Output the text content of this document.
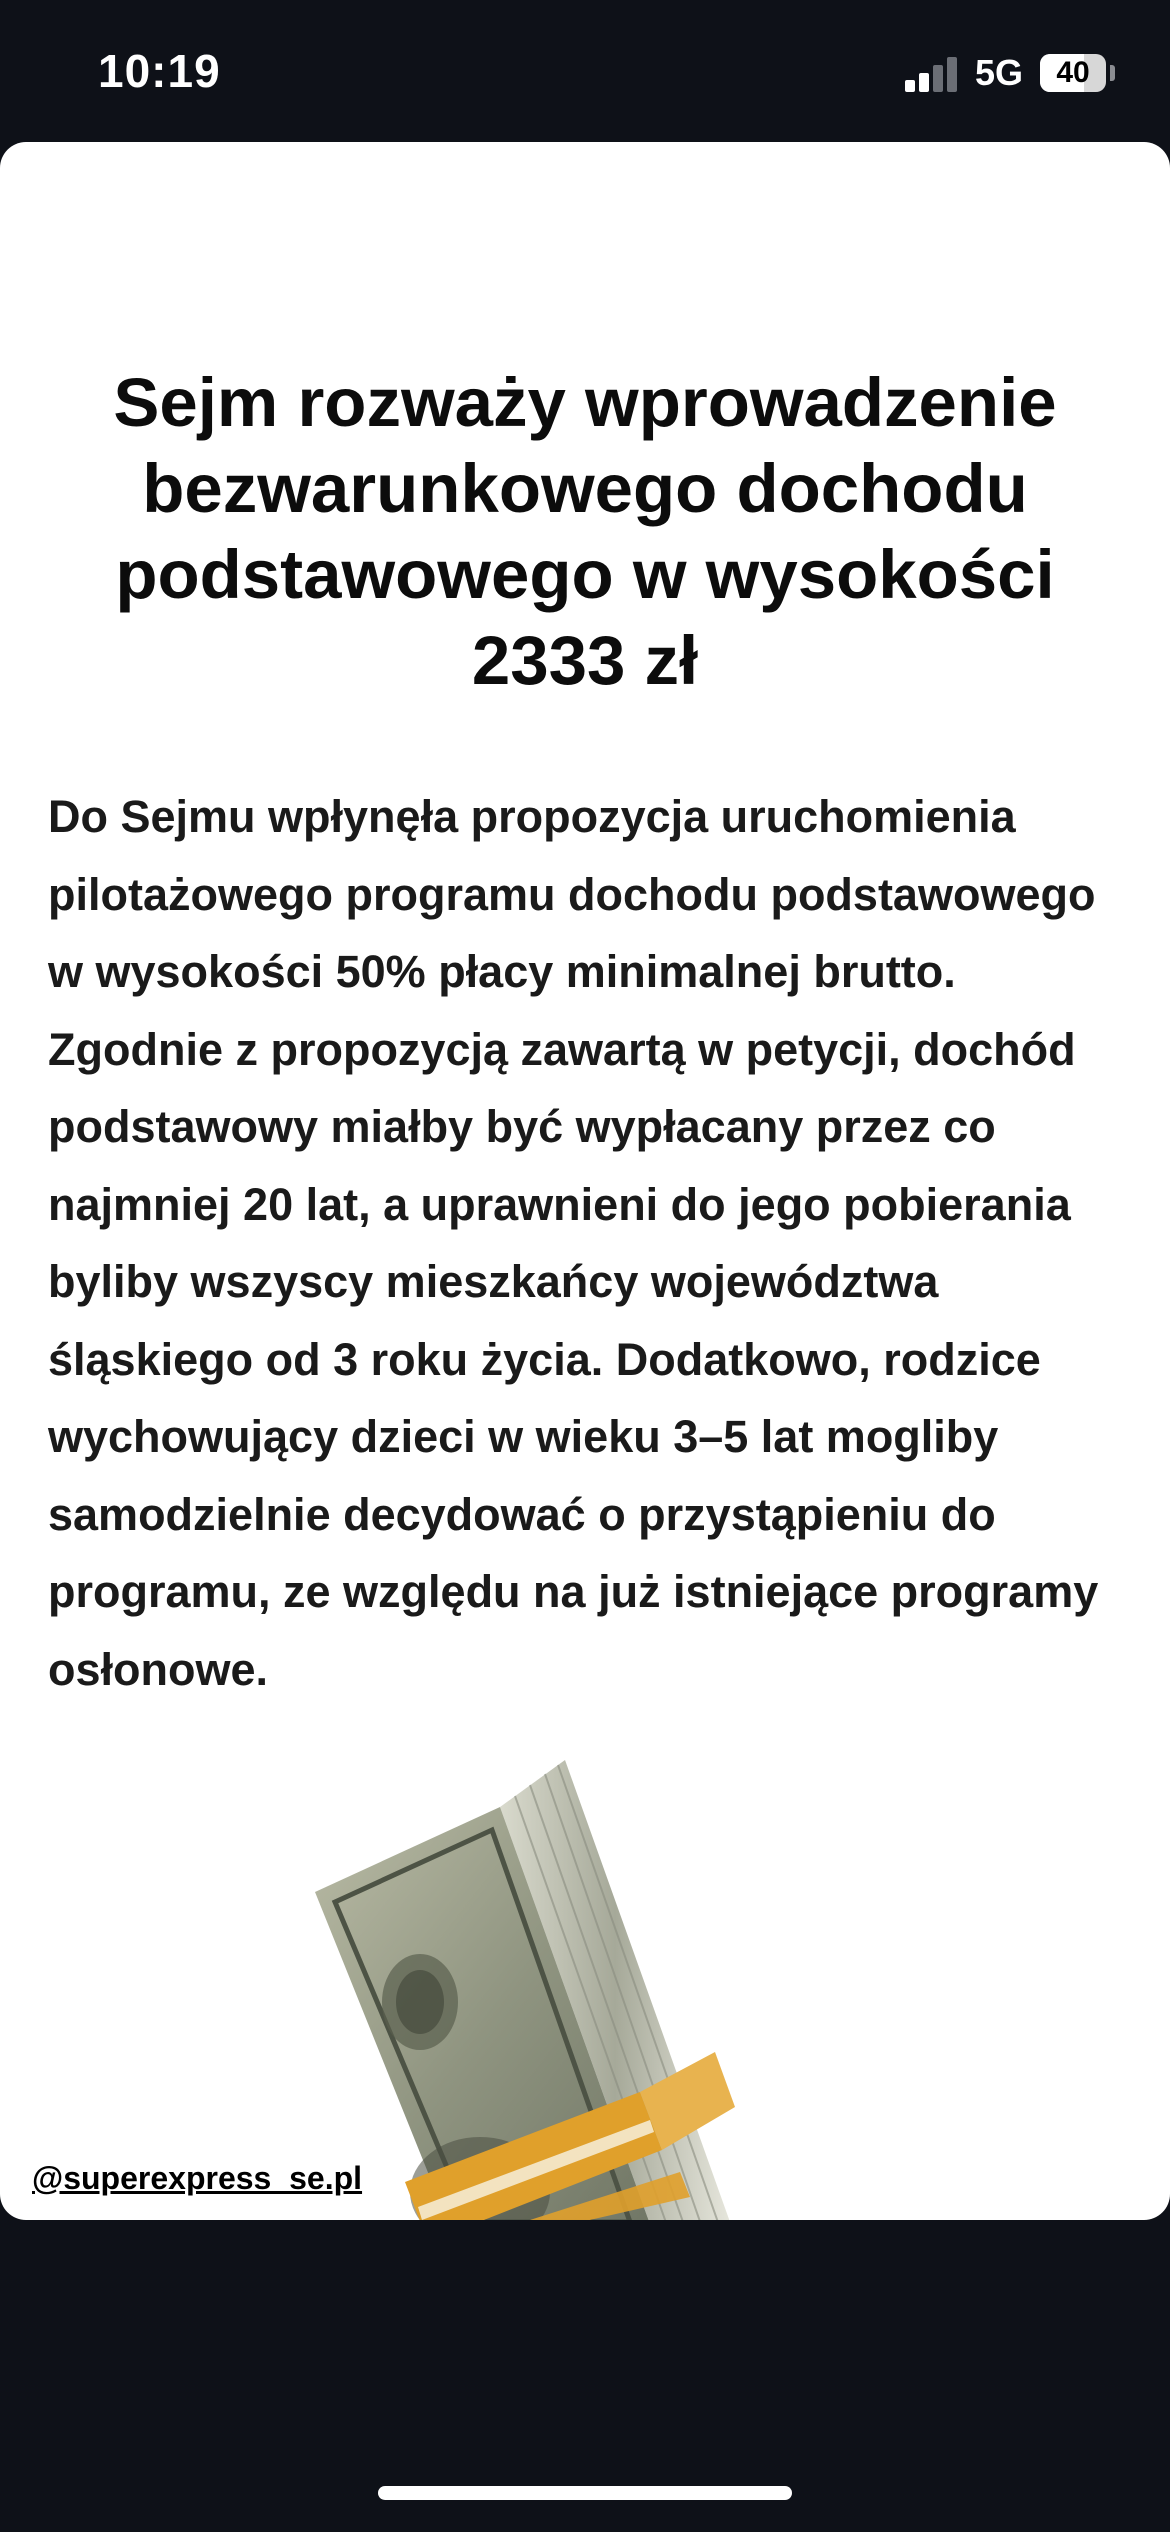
10:19	5G	40
Sejm rozważy wprowadzenie bezwarunkowego dochodu podstawowego w wysokości 2333 zł

Do Sejmu wpłynęła propozycja uruchomienia pilotażowego programu dochodu podstawowego w wysokości 50% płacy minimalnej brutto. Zgodnie z propozycją zawartą w petycji, dochód podstawowy miałby być wypłacany przez co najmniej 20 lat, a uprawnieni do jego pobierania byliby wszyscy mieszkańcy województwa śląskiego od 3 roku życia. Dodatkowo, rodzice wychowujący dzieci w wieku 3–5 lat mogliby samodzielnie decydować o przystąpieniu do programu, ze względu na już istniejące programy osłonowe.

@superexpress_se.pl
